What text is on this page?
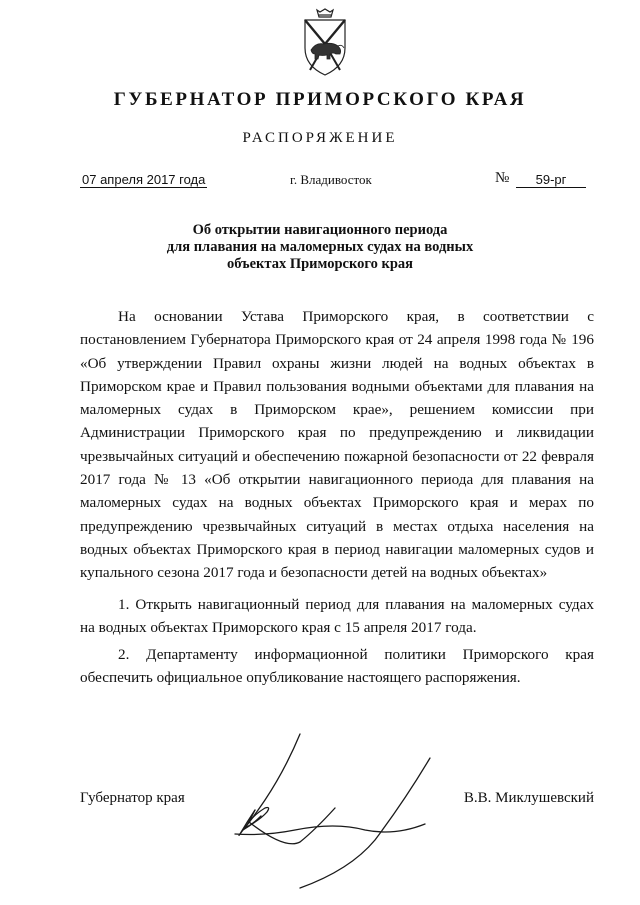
ГУБЕРНАТОР ПРИМОРСКОГО КРАЯ
РАСПОРЯЖЕНИЕ
07 апреля 2017 года	г. Владивосток	№	59-рг
Об открытии навигационного периода
для плавания на маломерных судах на водных
объектах Приморского края

На основании Устава Приморского края, в соответствии с постановлением Губернатора Приморского края от 24 апреля 1998 года № 196 «Об утверждении Правил охраны жизни людей на водных объектах в Приморском крае и Правил пользования водными объектами для плавания на маломерных судах в Приморском крае», решением комиссии при Администрации Приморского края по предупреждению и ликвидации чрезвычайных ситуаций и обеспечению пожарной безопасности от 22 февраля 2017 года № 13 «Об открытии навигационного периода для плавания на маломерных судах на водных объектах Приморского края и мерах по предупреждению чрезвычайных ситуаций в местах отдыха населения на водных объектах Приморского края в период навигации маломерных судов и купального сезона 2017 года и безопасности детей на водных объектах»

1. Открыть навигационный период для плавания на маломерных судах на водных объектах Приморского края с 15 апреля 2017 года.

2. Департаменту информационной политики Приморского края обеспечить официальное опубликование настоящего распоряжения.

Губернатор края	В.В. Миклушевский
